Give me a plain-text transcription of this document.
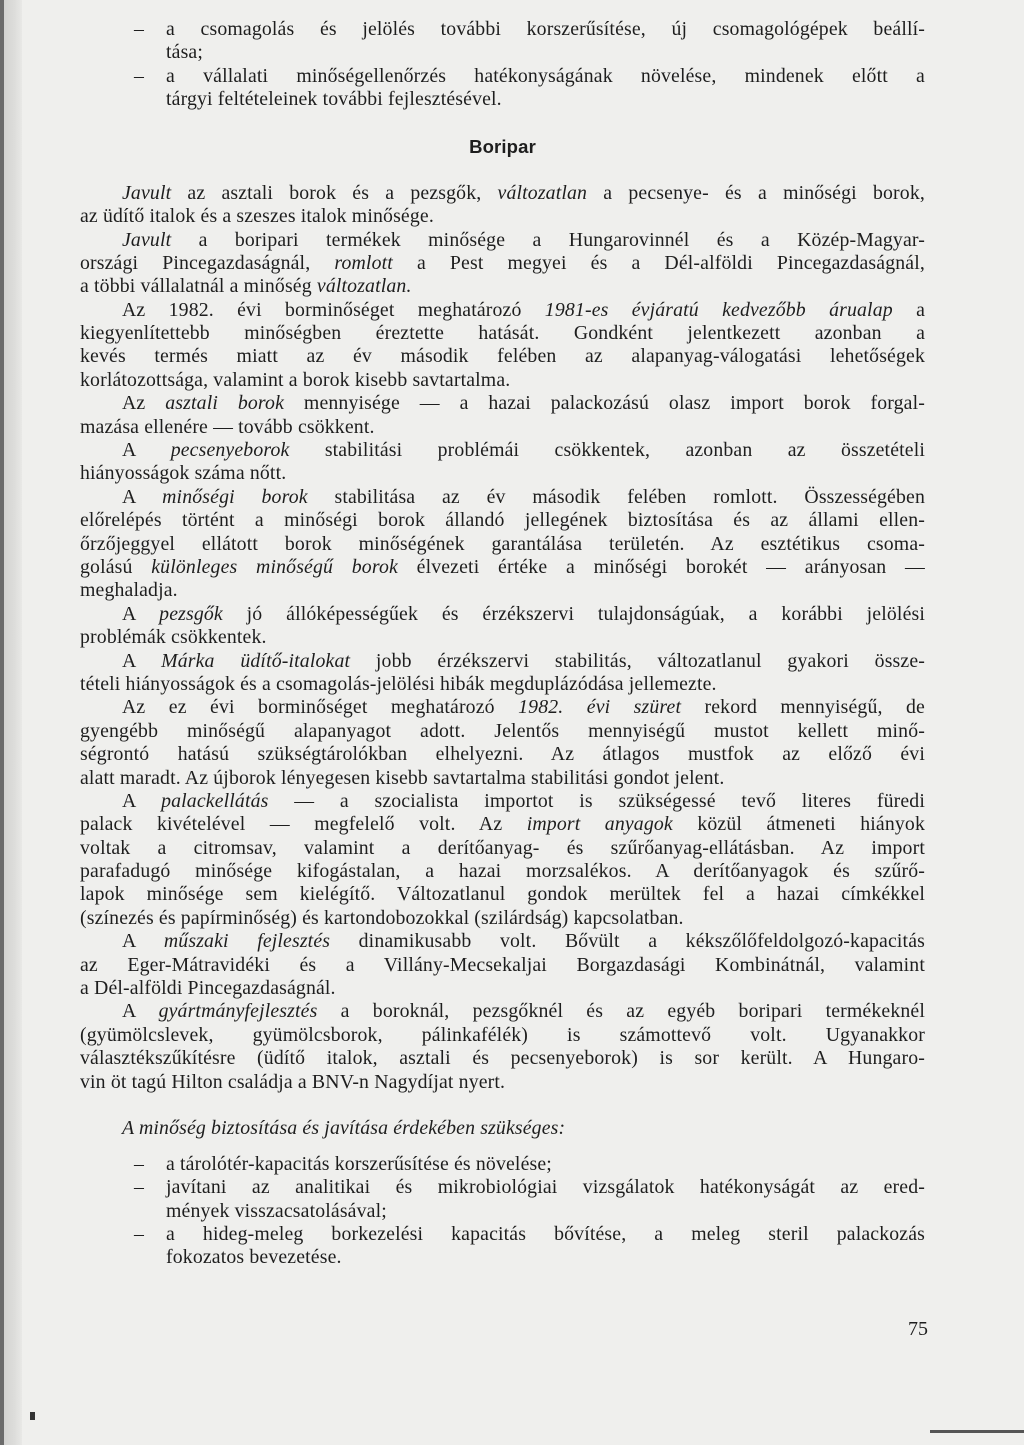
–	a csomagolás és jelölés további korszerűsítése, új csomagológépek beállí-
tása;
–	a vállalati minőségellenőrzés hatékonyságának növelése, mindenek előtt a
tárgyi feltételeinek további fejlesztésével.
Boripar
Javult az asztali borok és a pezsgők, változatlan a pecsenye- és a minőségi borok,
az üdítő italok és a szeszes italok minősége.
Javult a boripari termékek minősége a Hungarovinnél és a Közép-Magyar-
országi Pincegazdaságnál, romlott a Pest megyei és a Dél-alföldi Pincegazdaságnál,
a többi vállalatnál a minőség változatlan.
Az 1982. évi borminőséget meghatározó 1981-es évjáratú kedvezőbb árualap a
kiegyenlítettebb minőségben éreztette hatását. Gondként jelentkezett azonban a
kevés termés miatt az év második felében az alapanyag-válogatási lehetőségek
korlátozottsága, valamint a borok kisebb savtartalma.
Az asztali borok mennyisége — a hazai palackozású olasz import borok forgal-
mazása ellenére — tovább csökkent.
A pecsenyeborok stabilitási problémái csökkentek, azonban az összetételi
hiányosságok száma nőtt.
A minőségi borok stabilitása az év második felében romlott. Összességében
előrelépés történt a minőségi borok állandó jellegének biztosítása és az állami ellen-
őrzőjeggyel ellátott borok minőségének garantálása területén. Az esztétikus csoma-
golású különleges minőségű borok élvezeti értéke a minőségi borokét — arányosan —
meghaladja.
A pezsgők jó állóképességűek és érzékszervi tulajdonságúak, a korábbi jelölési
problémák csökkentek.
A Márka üdítő-italokat jobb érzékszervi stabilitás, változatlanul gyakori össze-
tételi hiányosságok és a csomagolás-jelölési hibák megduplázódása jellemezte.
Az ez évi borminőséget meghatározó 1982. évi szüret rekord mennyiségű, de
gyengébb minőségű alapanyagot adott. Jelentős mennyiségű mustot kellett minő-
ségrontó hatású szükségtárolókban elhelyezni. Az átlagos mustfok az előző évi
alatt maradt. Az újborok lényegesen kisebb savtartalma stabilitási gondot jelent.
A palackellátás — a szocialista importot is szükségessé tevő literes füredi
palack kivételével — megfelelő volt. Az import anyagok közül átmeneti hiányok
voltak a citromsav, valamint a derítőanyag- és szűrőanyag-ellátásban. Az import
parafadugó minősége kifogástalan, a hazai morzsalékos. A derítőanyagok és szűrő-
lapok minősége sem kielégítő. Változatlanul gondok merültek fel a hazai címkékkel
(színezés és papírminőség) és kartondobozokkal (szilárdság) kapcsolatban.
A műszaki fejlesztés dinamikusabb volt. Bővült a kékszőlőfeldolgozó-kapacitás
az Eger-Mátravidéki és a Villány-Mecsekaljai Borgazdasági Kombinátnál, valamint
a Dél-alföldi Pincegazdaságnál.
A gyártmányfejlesztés a boroknál, pezsgőknél és az egyéb boripari termékeknél
(gyümölcslevek, gyümölcsborok, pálinkafélék) is számottevő volt. Ugyanakkor
választékszűkítésre (üdítő italok, asztali és pecsenyeborok) is sor került. A Hungaro-
vin öt tagú Hilton családja a BNV-n Nagydíjat nyert.
A minőség biztosítása és javítása érdekében szükséges:
–	a tárolótér-kapacitás korszerűsítése és növelése;
–	javítani az analitikai és mikrobiológiai vizsgálatok hatékonyságát az ered-
mények visszacsatolásával;
–	a hideg-meleg borkezelési kapacitás bővítése, a meleg steril palackozás
fokozatos bevezetése.
75
